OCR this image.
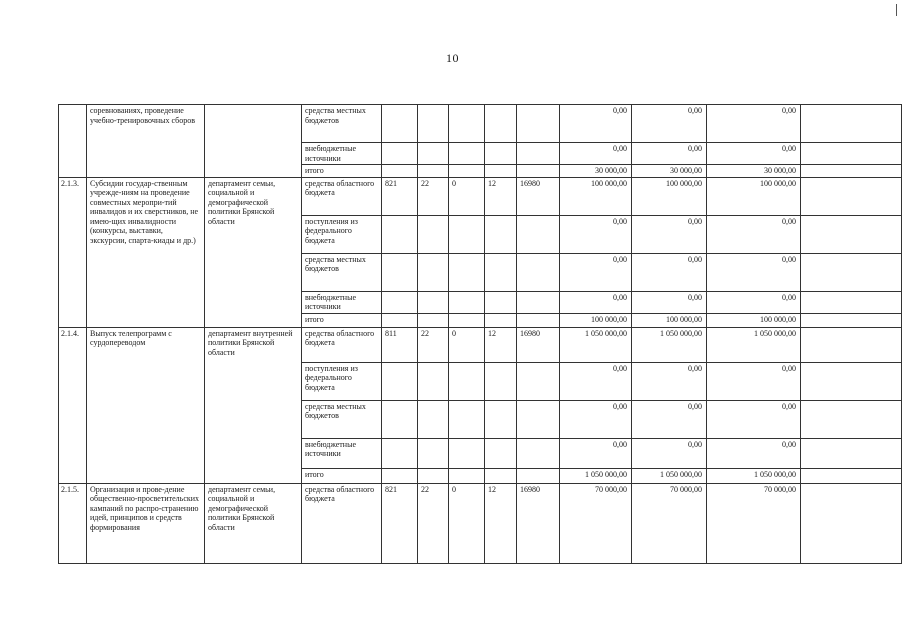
10
	соревнованиях, проведение учебно-тренировочных сборов		средства местных бюджетов						0,00	0,00	0,00	
			внебюджетные источники						0,00	0,00	0,00	
			итого						30 000,00	30 000,00	30 000,00	
2.1.3.	Субсидии государ-ственным учрежде-ниям на проведение совместных меропри-тий инвалидов и их сверстников, не имею-щих инвалидности (конкурсы, выставки, экскурсии, спарта-киады и др.)	департамент семьи, социальной и демографической политики Брянской области	средства областного бюджета	821	22	0	12	16980	100 000,00	100 000,00	100 000,00	
			поступления из федерального бюджета						0,00	0,00	0,00	
			средства местных бюджетов						0,00	0,00	0,00	
			внебюджетные источники						0,00	0,00	0,00	
			итого						100 000,00	100 000,00	100 000,00	
2.1.4.	Выпуск телепрограмм с сурдопереводом	департамент внутренней политики Брянской области	средства областного бюджета	811	22	0	12	16980	1 050 000,00	1 050 000,00	1 050 000,00	
			поступления из федерального бюджета						0,00	0,00	0,00	
			средства местных бюджетов						0,00	0,00	0,00	
			внебюджетные источники						0,00	0,00	0,00	
			итого						1 050 000,00	1 050 000,00	1 050 000,00	
2.1.5.	Организация и прове-дение общественно-просветительских кампаний по распро-странению идей, принципов и средств формирования	департамент семьи, социальной и демографической политики Брянской области	средства областного бюджета	821	22	0	12	16980	70 000,00	70 000,00	70 000,00	
